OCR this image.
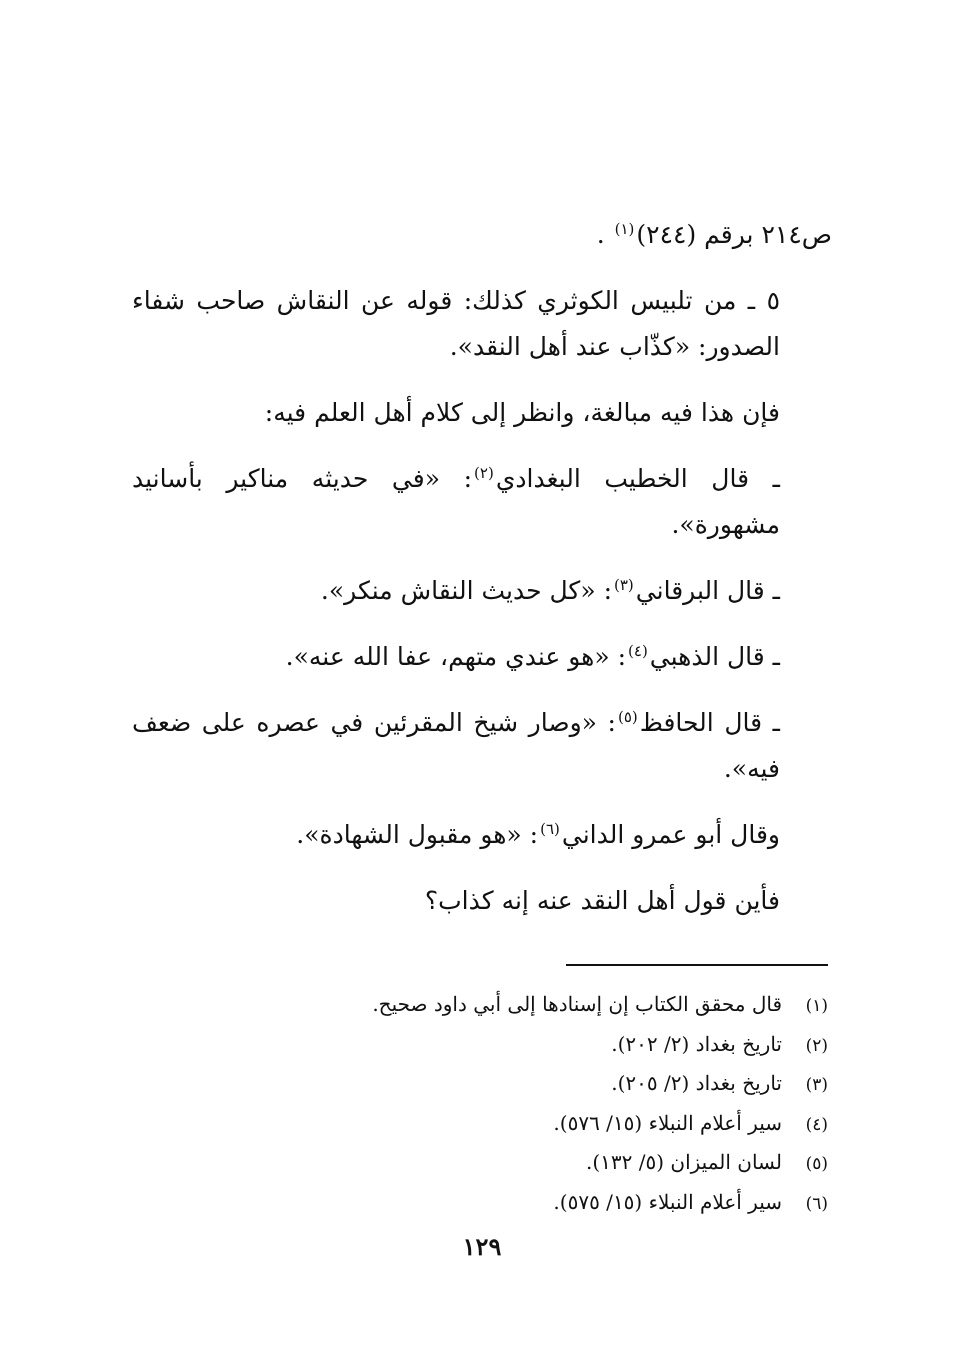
ص٢١٤ برقم (٢٤٤)$^{(١)}$ .

٥ ـ من تلبيس الكوثري كذلك: قوله عن النقاش صاحب شفاء الصدور: «كذّاب عند أهل النقد».

فإن هذا فيه مبالغة، وانظر إلى كلام أهل العلم فيه:

ـ قال الخطيب البغدادي$^{(٢)}$: «في حديثه مناكير بأسانيد مشهورة».

ـ قال البرقاني$^{(٣)}$: «كل حديث النقاش منكر».

ـ قال الذهبي$^{(٤)}$: «هو عندي متهم، عفا الله عنه».

ـ قال الحافظ$^{(٥)}$: «وصار شيخ المقرئين في عصره على ضعف فيه».

وقال أبو عمرو الداني$^{(٦)}$: «هو مقبول الشهادة».

فأين قول أهل النقد عنه إنه كذاب؟

(١)
قال محقق الكتاب إن إسنادها إلى أبي داود صحيح.
(٢)
تاريخ بغداد (٢/ ٢٠٢).
(٣)
تاريخ بغداد (٢/ ٢٠٥).
(٤)
سير أعلام النبلاء (١٥/ ٥٧٦).
(٥)
لسان الميزان (٥/ ١٣٢).
(٦)
سير أعلام النبلاء (١٥/ ٥٧٥).
١٢٩
